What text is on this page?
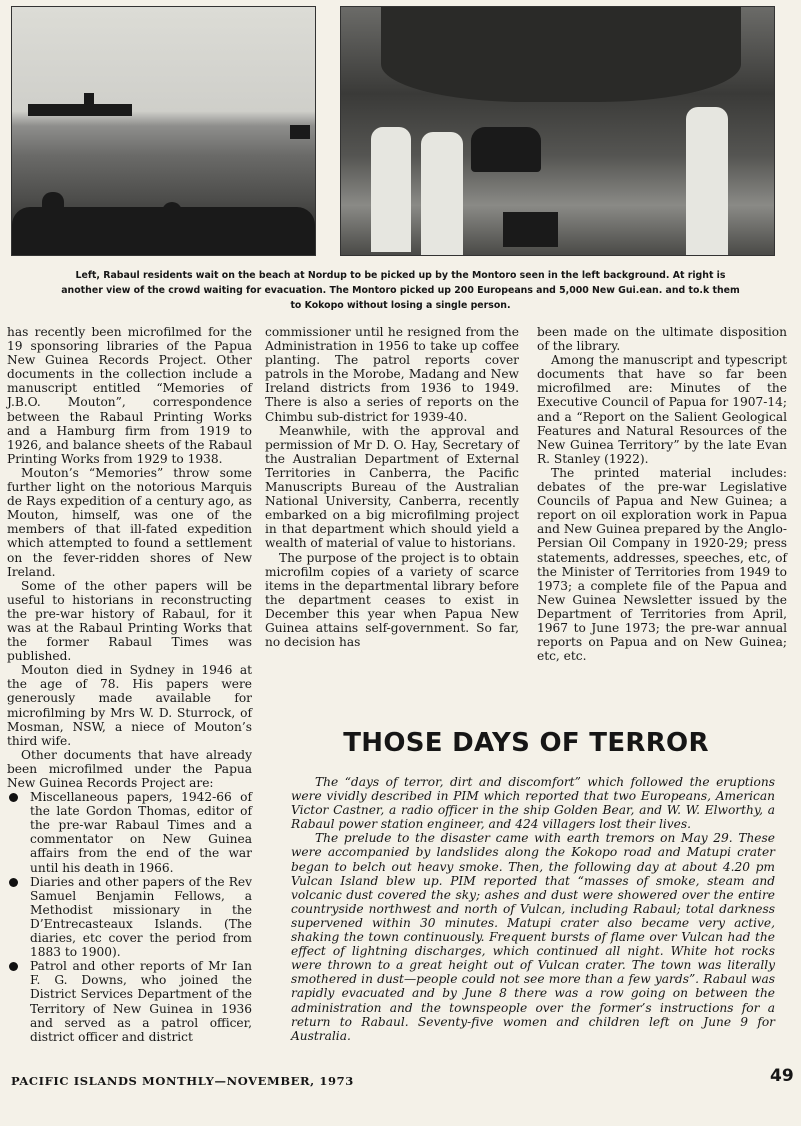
Left, Rabaul residents wait on the beach at Nordup to be picked up by the Montoro seen in the left background. At right is

another view of the crowd waiting for evacuation. The Montoro picked up 200 Europeans and 5,000 New Gui.ean. and to.k them

to Kokopo without losing a single person.

has recently been microfilmed for the 19 sponsoring libraries of the Papua New Guinea Records Project. Other documents in the collection include a manuscript entitled “Memories of J.B.O. Mouton”, correspondence between the Rabaul Printing Works and a Hamburg firm from 1919 to 1926, and balance sheets of the Rabaul Printing Works from 1929 to 1938.

Mouton’s “Memories” throw some further light on the notorious Marquis de Rays expedition of a century ago, as Mouton, himself, was one of the members of that ill-fated expedition which attempted to found a settlement on the fever-ridden shores of New Ireland.

Some of the other papers will be useful to historians in reconstructing the pre-war history of Rabaul, for it was at the Rabaul Printing Works that the former Rabaul Times was published.

Mouton died in Sydney in 1946 at the age of 78. His papers were generously made available for microfilming by Mrs W. D. Sturrock, of Mosman, NSW, a niece of Mouton’s third wife.

Other documents that have already been microfilmed under the Papua New Guinea Records Project are:

Miscellaneous papers, 1942-66 of the late Gordon Thomas, editor of the pre-war Rabaul Times and a commentator on New Guinea affairs from the end of the war until his death in 1966.
Diaries and other papers of the Rev Samuel Benjamin Fellows, a Methodist missionary in the D’Entrecasteaux Islands. (The diaries, etc cover the period from 1883 to 1900).
Patrol and other reports of Mr Ian F. G. Downs, who joined the District Services Department of the Territory of New Guinea in 1936 and served as a patrol officer, district officer and district

commissioner until he resigned from the Administration in 1956 to take up coffee planting. The patrol reports cover patrols in the Morobe, Madang and New Ireland districts from 1936 to 1949. There is also a series of reports on the Chimbu sub-district for 1939-40.

Meanwhile, with the approval and permission of Mr D. O. Hay, Secretary of the Australian Department of External Territories in Canberra, the Pacific Manuscripts Bureau of the Australian National University, Canberra, recently embarked on a big microfilming project in that department which should yield a wealth of material of value to historians.

The purpose of the project is to obtain microfilm copies of a variety of scarce items in the departmental library before the department ceases to exist in December this year when Papua New Guinea attains self-government. So far, no decision has

been made on the ultimate disposition of the library.

Among the manuscript and typescript documents that have so far been microfilmed are: Minutes of the Executive Council of Papua for 1907-14; and a “Report on the Salient Geological Features and Natural Resources of the New Guinea Territory” by the late Evan R. Stanley (1922).

The printed material includes: debates of the pre-war Legislative Councils of Papua and New Guinea; a report on oil exploration work in Papua and New Guinea prepared by the Anglo-Persian Oil Company in 1920-29; press statements, addresses, speeches, etc, of the Minister of Territories from 1949 to 1973; a complete file of the Papua and New Guinea Newsletter issued by the Department of Territories from April, 1967 to June 1973; the pre-war annual reports on Papua and on New Guinea; etc, etc.

THOSE DAYS OF TERROR

The “days of terror, dirt and discomfort” which followed the eruptions were vividly described in PIM which reported that two Europeans, American Victor Castner, a radio officer in the ship Golden Bear, and W. W. Elworthy, a Rabaul power station engineer, and 424 villagers lost their lives.

The prelude to the disaster came with earth tremors on May 29. These were accompanied by landslides along the Kokopo road and Matupi crater began to belch out heavy smoke. Then, the following day at about 4.20 pm Vulcan Island blew up. PIM reported that “masses of smoke, steam and volcanic dust covered the sky; ashes and dust were showered over the entire countryside northwest and north of Vulcan, including Rabaul; total darkness supervened within 30 minutes. Matupi crater also became very active, shaking the town continuously. Frequent bursts of flame over Vulcan had the effect of lightning discharges, which continued all night. White hot rocks were thrown to a great height out of Vulcan crater. The town was literally smothered in dust—people could not see more than a few yards”. Rabaul was rapidly evacuated and by June 8 there was a row going on between the administration and the townspeople over the former’s instructions for a return to Rabaul. Seventy-five women and children left on June 9 for Australia.

PACIFIC ISLANDS MONTHLY—NOVEMBER, 1973	49
